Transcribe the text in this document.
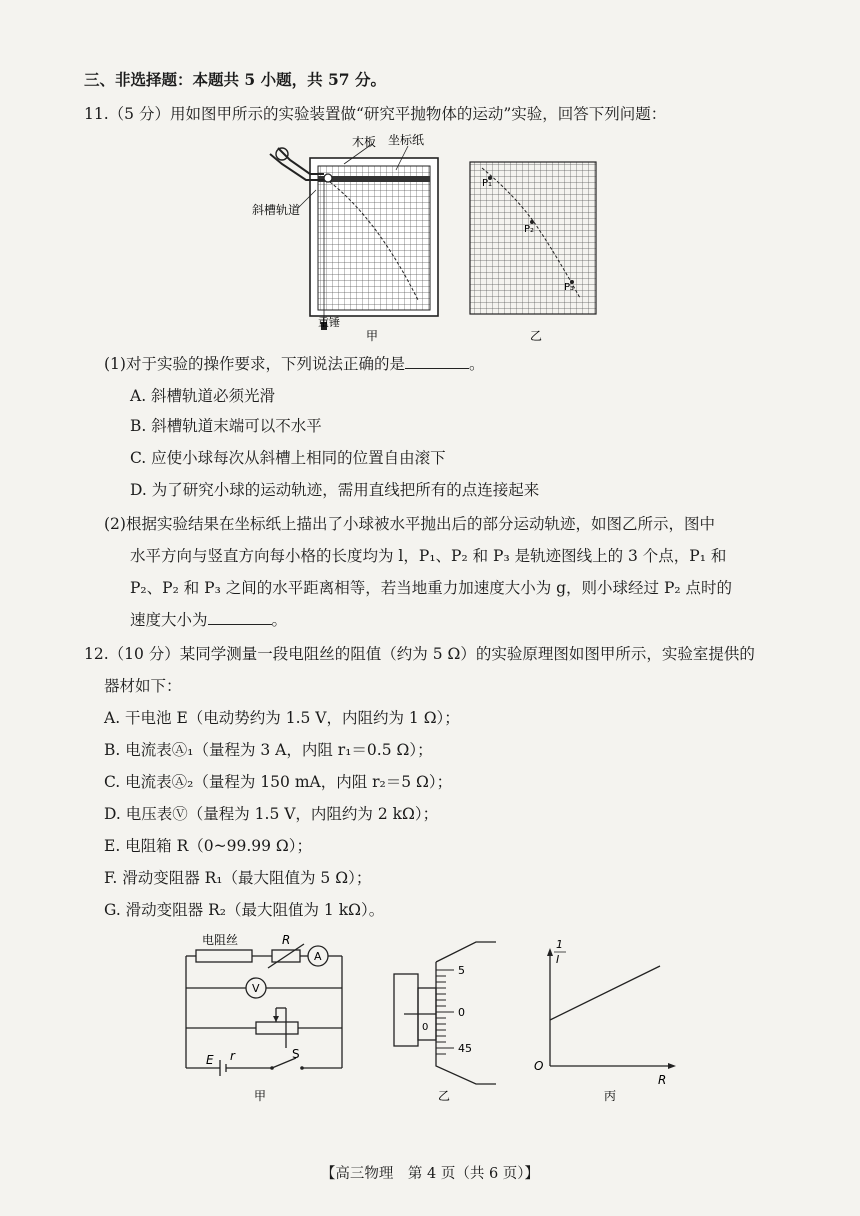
三、非选择题：本题共 5 小题，共 57 分。
11.（5 分）用如图甲所示的实验装置做“研究平抛物体的运动”实验，回答下列问题：
木板 坐标纸
斜槽轨道
重锤
甲
P₁
P₂
P₃
乙
(1)对于实验的操作要求，下列说法正确的是	。
A. 斜槽轨道必须光滑
B. 斜槽轨道末端可以不水平
C. 应使小球每次从斜槽上相同的位置自由滚下
D. 为了研究小球的运动轨迹，需用直线把所有的点连接起来
(2)根据实验结果在坐标纸上描出了小球被水平抛出后的部分运动轨迹，如图乙所示，图中
水平方向与竖直方向每小格的长度均为 l，P₁、P₂ 和 P₃ 是轨迹图线上的 3 个点，P₁ 和
P₂、P₂ 和 P₃ 之间的水平距离相等，若当地重力加速度大小为 g，则小球经过 P₂ 点时的
速度大小为	。
12.（10 分）某同学测量一段电阻丝的阻值（约为 5 Ω）的实验原理图如图甲所示，实验室提供的
器材如下：
A. 干电池 E（电动势约为 1.5 V，内阻约为 1 Ω）；
B. 电流表Ⓐ₁（量程为 3 A，内阻 r₁＝0.5 Ω）；
C. 电流表Ⓐ₂（量程为 150 mA，内阻 r₂＝5 Ω）；
D. 电压表Ⓥ（量程为 1.5 V，内阻约为 2 kΩ）；
E. 电阻箱 R（0~99.99 Ω）；
F. 滑动变阻器 R₁（最大阻值为 5 Ω）；
G. 滑动变阻器 R₂（最大阻值为 1 kΩ）。
电阻丝	R
A
V
E r	S
甲
5
0
45
0
乙
1
I
O
R
丙
【高三物理　第 4 页（共 6 页）】
